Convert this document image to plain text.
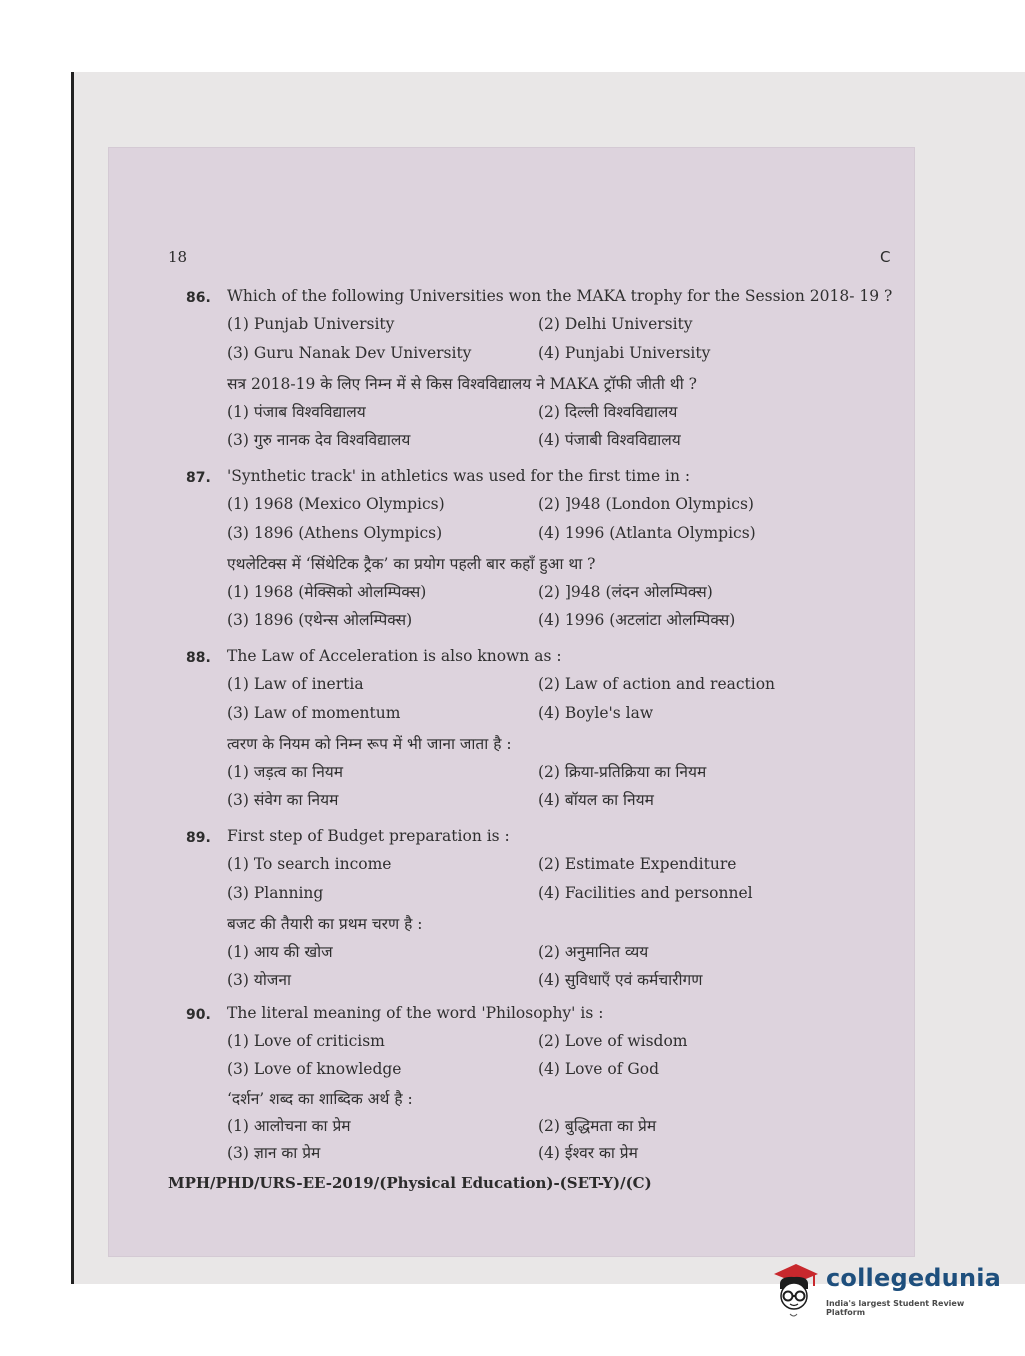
18	C
86. Which of the following Universities won the MAKA trophy for the Session 2018- 19 ?
(1) Punjab University	(2) Delhi University
(3) Guru Nanak Dev University	(4) Punjabi University
सत्र 2018-19 के लिए निम्न में से किस विश्वविद्यालय ने MAKA ट्रॉफी जीती थी ?
(1) पंजाब विश्वविद्यालय	(2) दिल्ली विश्वविद्यालय
(3) गुरु नानक देव विश्वविद्यालय	(4) पंजाबी विश्वविद्यालय
87. 'Synthetic track' in athletics was used for the first time in :
(1) 1968 (Mexico Olympics)	(2) ]948 (London Olympics)
(3) 1896 (Athens Olympics)	(4) 1996 (Atlanta Olympics)
एथलेटिक्स में ‘सिंथेटिक ट्रैक’ का प्रयोग पहली बार कहाँ हुआ था ?
(1) 1968 (मेक्सिको ओलम्पिक्स)	(2) ]948 (लंदन ओलम्पिक्स)
(3) 1896 (एथेन्स ओलम्पिक्स)	(4) 1996 (अटलांटा ओलम्पिक्स)
88. The Law of Acceleration is also known as :
(1) Law of inertia	(2) Law of action and reaction
(3) Law of momentum	(4) Boyle's law
त्वरण के नियम को निम्न रूप में भी जाना जाता है :
(1) जड़त्व का नियम	(2) क्रिया-प्रतिक्रिया का नियम
(3) संवेग का नियम	(4) बॉयल का नियम
89. First step of Budget preparation is :
(1) To search income	(2) Estimate Expenditure
(3) Planning	(4) Facilities and personnel
बजट की तैयारी का प्रथम चरण है :
(1) आय की खोज	(2) अनुमानित व्यय
(3) योजना	(4) सुविधाएँ एवं कर्मचारीगण
90. The literal meaning of the word 'Philosophy' is :
(1) Love of criticism	(2) Love of wisdom
(3) Love of knowledge	(4) Love of God
‘दर्शन’ शब्द का शाब्दिक अर्थ है :
(1) आलोचना का प्रेम	(2) बुद्धिमता का प्रेम
(3) ज्ञान का प्रेम	(4) ईश्वर का प्रेम
MPH/PHD/URS-EE-2019/(Physical Education)-(SET-Y)/(C)
collegedunia
India's largest Student Review Platform
